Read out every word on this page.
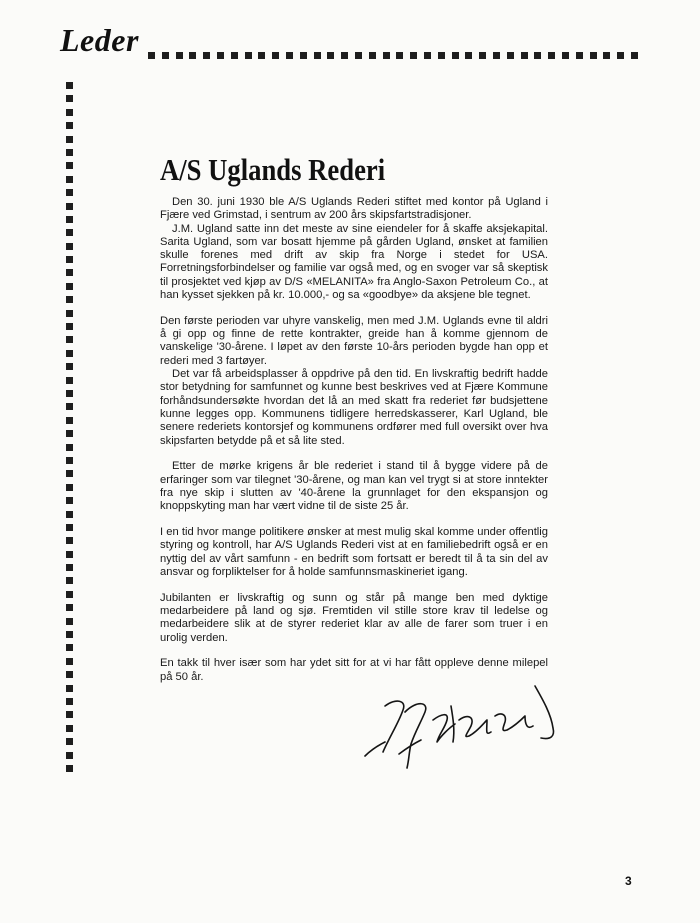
Leder
A/S Uglands Rederi

Den 30. juni 1930 ble A/S Uglands Rederi stiftet med kontor på Ugland i Fjære ved Grimstad, i sentrum av 200 års skipsfartstradisjoner.

J.M. Ugland satte inn det meste av sine eiendeler for å skaffe aksjekapital. Sarita Ugland, som var bosatt hjemme på gården Ugland, ønsket at familien skulle forenes med drift av skip fra Norge i stedet for USA. Forretningsforbindelser og familie var også med, og en svoger var så skeptisk til prosjektet ved kjøp av D/S «MELANITA» fra Anglo-Saxon Petroleum Co., at han kysset sjekken på kr. 10.000,- og sa «goodbye» da aksjene ble tegnet.

Den første perioden var uhyre vanskelig, men med J.M. Uglands evne til aldri å gi opp og finne de rette kontrakter, greide han å komme gjennom de vanskelige '30-årene. I løpet av den første 10-års perioden bygde han opp et rederi med 3 fartøyer.

Det var få arbeidsplasser å oppdrive på den tid. En livskraftig bedrift hadde stor betydning for samfunnet og kunne best beskrives ved at Fjære Kommune forhåndsundersøkte hvordan det lå an med skatt fra rederiet før budsjettene kunne legges opp. Kommunens tidligere herredskasserer, Karl Ugland, ble senere rederiets kontorsjef og kommunens ordfører med full oversikt over hva skipsfarten betydde på et så lite sted.

Etter de mørke krigens år ble rederiet i stand til å bygge videre på de erfaringer som var tilegnet '30-årene, og man kan vel trygt si at store inntekter fra nye skip i slutten av '40-årene la grunnlaget for den ekspansjon og knoppskyting man har vært vidne til de siste 25 år.

I en tid hvor mange politikere ønsker at mest mulig skal komme under offentlig styring og kontroll, har A/S Uglands Rederi vist at en familiebedrift også er en nyttig del av vårt samfunn - en bedrift som fortsatt er beredt til å ta sin del av ansvar og forpliktelser for å holde samfunnsmaskineriet igang.

Jubilanten er livskraftig og sunn og står på mange ben med dyktige medarbeidere på land og sjø. Fremtiden vil stille store krav til ledelse og medarbeidere slik at de styrer rederiet klar av alle de farer som truer i en urolig verden.

En takk til hver især som har ydet sitt for at vi har fått oppleve denne milepel på 50 år.

3
